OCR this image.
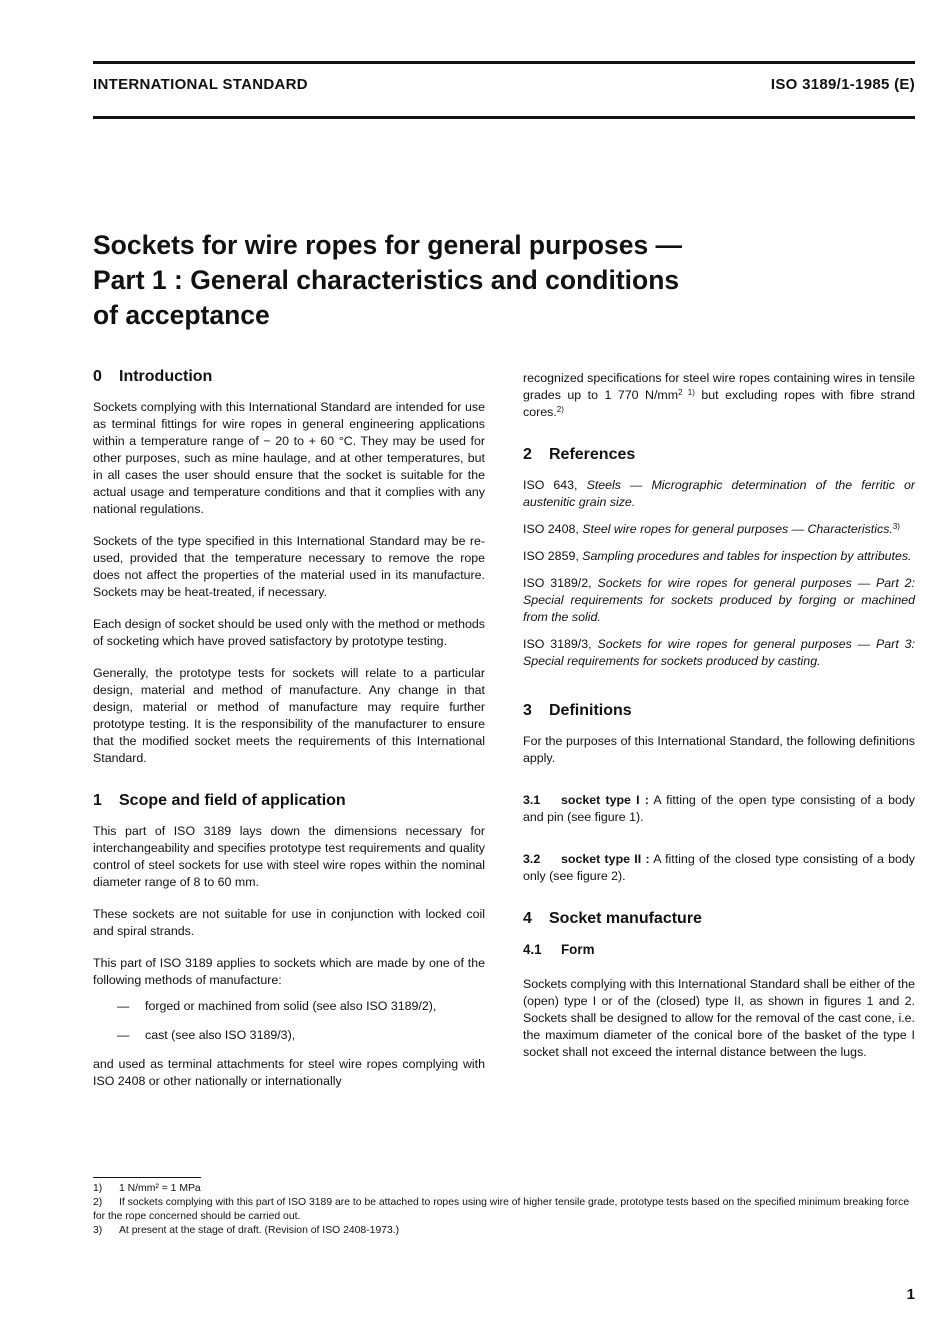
INTERNATIONAL STANDARD	ISO 3189/1-1985 (E)
Sockets for wire ropes for general purposes —
Part 1 : General characteristics and conditions
of acceptance
0 Introduction

Sockets complying with this International Standard are intended for use as terminal fittings for wire ropes in general engineering applications within a temperature range of − 20 to + 60 °C. They may be used for other purposes, such as mine haulage, and at other temperatures, but in all cases the user should ensure that the socket is suitable for the actual usage and temperature conditions and that it complies with any national regulations.

Sockets of the type specified in this International Standard may be re-used, provided that the temperature necessary to remove the rope does not affect the properties of the material used in its manufacture. Sockets may be heat-treated, if necessary.

Each design of socket should be used only with the method or methods of socketing which have proved satisfactory by prototype testing.

Generally, the prototype tests for sockets will relate to a particular design, material and method of manufacture. Any change in that design, material or method of manufacture may require further prototype testing. It is the responsibility of the manufacturer to ensure that the modified socket meets the requirements of this International Standard.

1 Scope and field of application

This part of ISO 3189 lays down the dimensions necessary for interchangeability and specifies prototype test requirements and quality control of steel sockets for use with steel wire ropes within the nominal diameter range of 8 to 60 mm.

These sockets are not suitable for use in conjunction with locked coil and spiral strands.

This part of ISO 3189 applies to sockets which are made by one of the following methods of manufacture:

— forged or machined from solid (see also ISO 3189/2),
— cast (see also ISO 3189/3),

and used as terminal attachments for steel wire ropes complying with ISO 2408 or other nationally or internationally

recognized specifications for steel wire ropes containing wires in tensile grades up to 1 770 $N/mm^{2 1)}$ but excluding ropes with fibre strand cores.$^{2)}$

2 References
ISO 643, Steels — Micrographic determination of the ferritic or austenitic grain size.
ISO 2408, Steel wire ropes for general purposes — Characteristics.$^{3)}$
ISO 2859, Sampling procedures and tables for inspection by attributes.
ISO 3189/2, Sockets for wire ropes for general purposes — Part 2: Special requirements for sockets produced by forging or machined from the solid.
ISO 3189/3, Sockets for wire ropes for general purposes — Part 3: Special requirements for sockets produced by casting.
3 Definitions

For the purposes of this International Standard, the following definitions apply.

3.1 socket type I : A fitting of the open type consisting of a body and pin (see figure 1).

3.2 socket type II : A fitting of the closed type consisting of a body only (see figure 2).

4 Socket manufacture
4.1 Form

Sockets complying with this International Standard shall be either of the (open) type I or of the (closed) type II, as shown in figures 1 and 2. Sockets shall be designed to allow for the removal of the cast cone, i.e. the maximum diameter of the conical bore of the basket of the type I socket shall not exceed the internal distance between the lugs.

1) 1 N/mm² = 1 MPa
2) If sockets complying with this part of ISO 3189 are to be attached to ropes using wire of higher tensile grade, prototype tests based on the specified minimum breaking force for the rope concerned should be carried out.
3) At present at the stage of draft. (Revision of ISO 2408-1973.)
1
